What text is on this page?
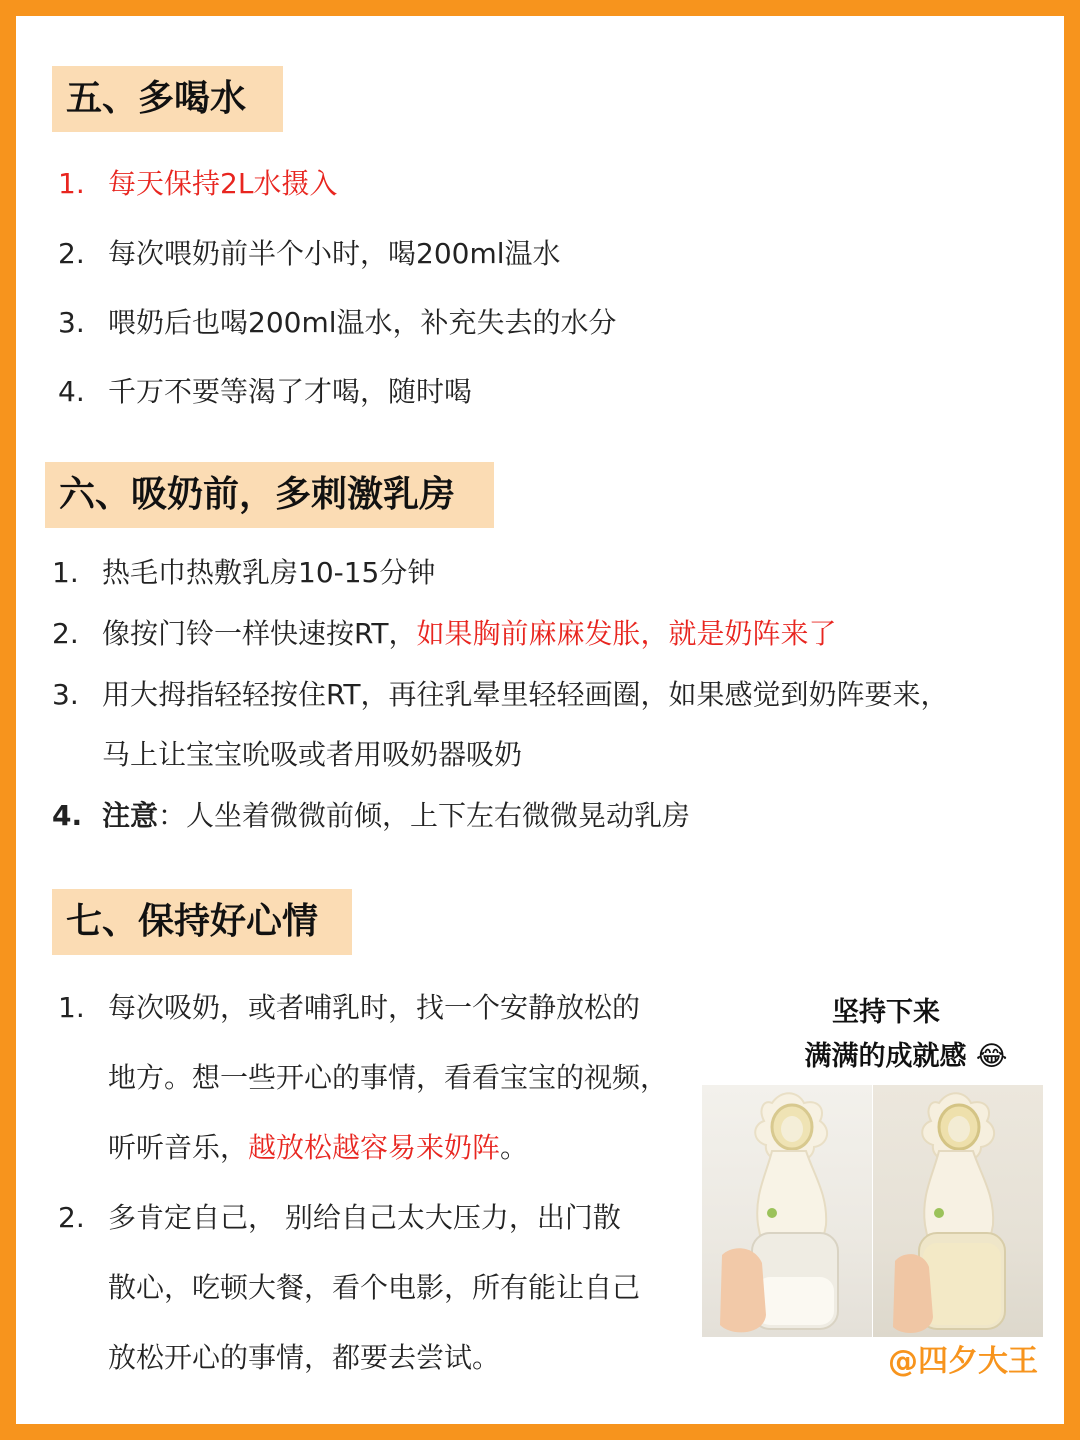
五、多喝水
1. 每天保持2L水摄入
2. 每次喂奶前半个小时，喝200ml温水
3. 喂奶后也喝200ml温水，补充失去的水分
4. 千万不要等渴了才喝，随时喝
六、吸奶前，多刺激乳房
1. 热毛巾热敷乳房10-15分钟
2. 像按门铃一样快速按RT，如果胸前麻麻发胀，就是奶阵来了
3. 用大拇指轻轻按住RT，再往乳晕里轻轻画圈，如果感觉到奶阵要来，
马上让宝宝吮吸或者用吸奶器吸奶
4. 注意：人坐着微微前倾，上下左右微微晃动乳房
七、保持好心情
1. 每次吸奶，或者哺乳时，找一个安静放松的
地方。想一些开心的事情，看看宝宝的视频，
听听音乐，越放松越容易来奶阵。
2. 多肯定自己， 别给自己太大压力，出门散
散心，吃顿大餐，看个电影，所有能让自己
放松开心的事情，都要去尝试。
坚持下来
满满的成就感 😂
@四夕大王
